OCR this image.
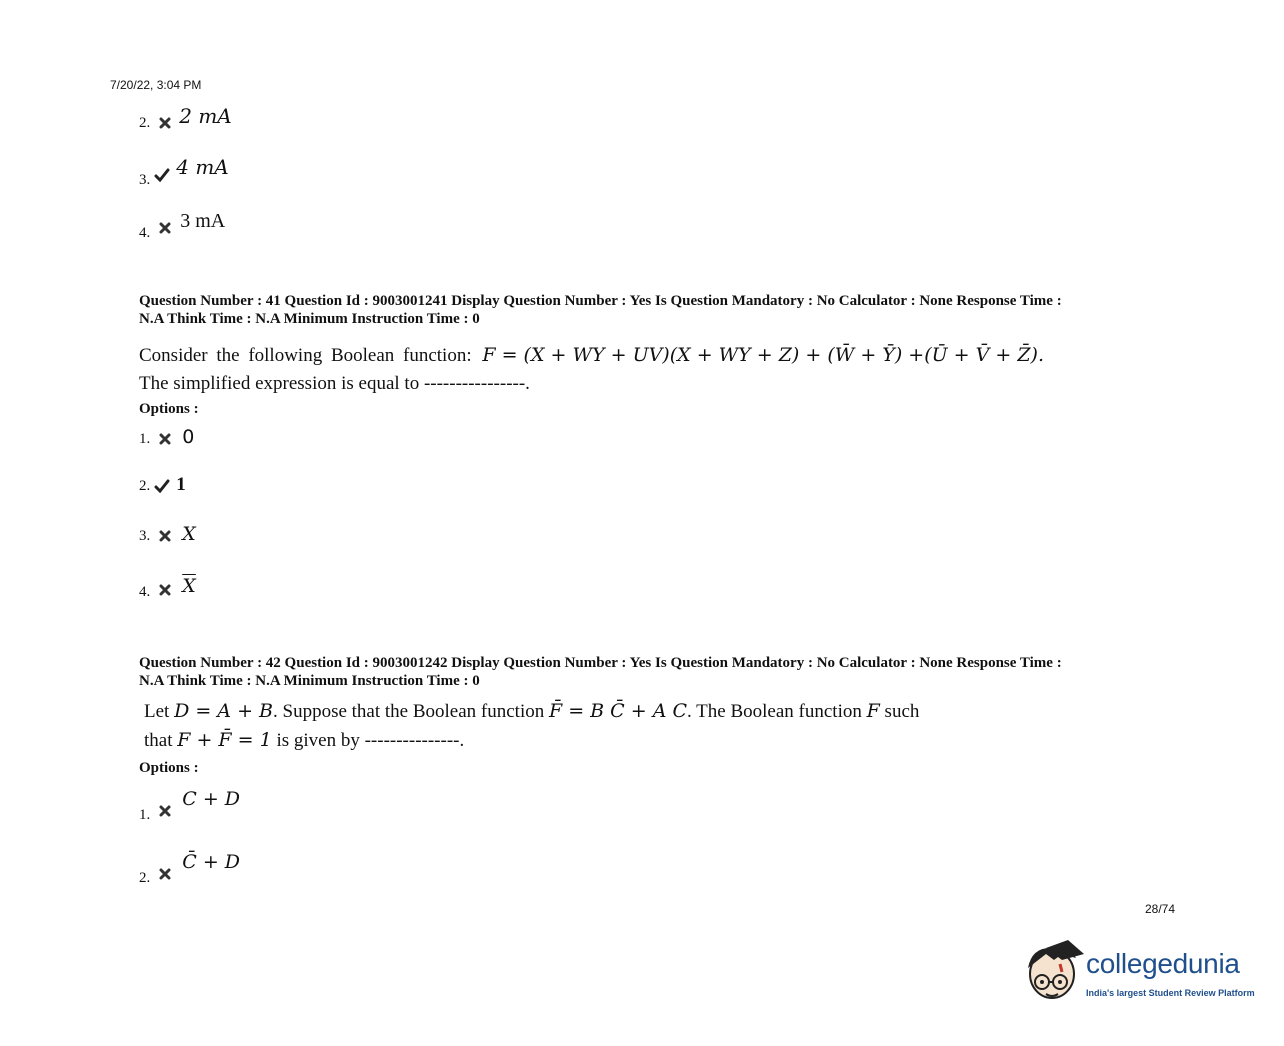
7/20/22, 3:04 PM
2. 2 mA
3.
4 mA
4.
3 mA
Question Number : 41 Question Id : 9003001241 Display Question Number : Yes Is Question Mandatory : No Calculator : None Response Time :
N.A Think Time : N.A Minimum Instruction Time : 0
Consider the following Boolean function: F = (X + WY + UV)(X + WY + Z) + (W̄ + Ȳ) +(Ū + V̄ + Z̄).
The simplified expression is equal to ----------------.
Options :
1. 0
2. 1
3. X
4. $\overline{X}$
Question Number : 42 Question Id : 9003001242 Display Question Number : Yes Is Question Mandatory : No Calculator : None Response Time :
N.A Think Time : N.A Minimum Instruction Time : 0
Let D = A + B. Suppose that the Boolean function F̄ = B C̄ + A C. The Boolean function F such
that F + F̄ = 1 is given by ---------------.
Options :
1.
C + D
2.
C̄ + D
28/74
collegedunia
India's largest Student Review Platform
